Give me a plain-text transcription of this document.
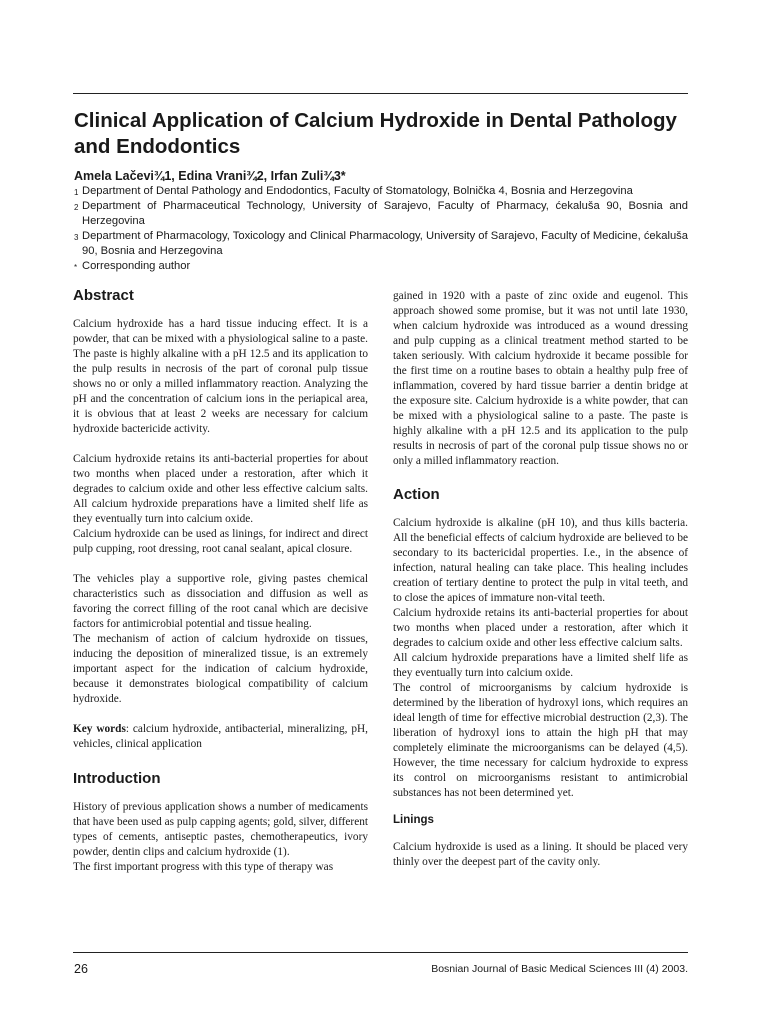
Clinical Application of Calcium Hydroxide in Dental Pathology and Endodontics
Amela Lačevi¾1, Edina Vrani¾2, Irfan Zuli¾3*
1 Department of Dental Pathology and Endodontics, Faculty of Stomatology, Bolnička 4, Bosnia and Herzegovina
2 Department of Pharmaceutical Technology, University of Sarajevo, Faculty of Pharmacy, ćekaluša 90, Bosnia and Herzegovina
3 Department of Pharmacology, Toxicology and Clinical Pharmacology, University of Sarajevo, Faculty of Medicine, ćekaluša 90, Bosnia and Herzegovina
* Corresponding author
Abstract

Calcium hydroxide has a hard tissue inducing effect. It is a powder, that can be mixed with a physiological saline to a paste. The paste is highly alkaline with a pH 12.5 and its application to the pulp results in necrosis of the part of coronal pulp tissue shows no or only a milled inflammatory reaction. Analyzing the pH and the concentration of calcium ions in the periapical area, it is obvious that at least 2 weeks are necessary for calcium hydroxide bactericide activity.

Calcium hydroxide retains its anti-bacterial properties for about two months when placed under a restoration, after which it degrades to calcium oxide and other less effective calcium salts. All calcium hydroxide preparations have a limited shelf life as they eventually turn into calcium oxide.

Calcium hydroxide can be used as linings, for indirect and direct pulp cupping, root dressing, root canal sealant, apical closure.

The vehicles play a supportive role, giving pastes chemical characteristics such as dissociation and diffusion as well as favoring the correct filling of the root canal which are decisive factors for antimicrobial potential and tissue healing.

The mechanism of action of calcium hydroxide on tissues, inducing the deposition of mineralized tissue, is an extremely important aspect for the indication of calcium hydroxide, because it demonstrates biological compatibility of calcium hydroxide.

Key words: calcium hydroxide, antibacterial, mineralizing, pH, vehicles, clinical application

Introduction

History of previous application shows a number of medicaments that have been used as pulp capping agents; gold, silver, different types of cements, antiseptic pastes, chemotherapeutics, ivory powder, dentin clips and calcium hydroxide (1).

The first important progress with this type of therapy was

gained in 1920 with a paste of zinc oxide and eugenol. This approach showed some promise, but it was not until late 1930, when calcium hydroxide was introduced as a wound dressing and pulp cupping as a clinical treatment method started to be taken seriously. With calcium hydroxide it became possible for the first time on a routine bases to obtain a healthy pulp free of inflammation, covered by hard tissue barrier a dentin bridge at the exposure site. Calcium hydroxide is a white powder, that can be mixed with a physiological saline to a paste. The paste is highly alkaline with a pH 12.5 and its application to the pulp results in necrosis of part of the coronal pulp tissue shows no or only a milled inflammatory reaction.

Action

Calcium hydroxide is alkaline (pH 10), and thus kills bacteria. All the beneficial effects of calcium hydroxide are believed to be secondary to its bactericidal properties. I.e., in the absence of infection, natural healing can take place. This healing includes creation of tertiary dentine to protect the pulp in vital teeth, and to close the apices of immature non-vital teeth.

Calcium hydroxide retains its anti-bacterial properties for about two months when placed under a restoration, after which it degrades to calcium oxide and other less effective calcium salts.

All calcium hydroxide preparations have a limited shelf life as they eventually turn into calcium oxide.

The control of microorganisms by calcium hydroxide is determined by the liberation of hydroxyl ions, which requires an ideal length of time for effective microbial destruction (2,3). The liberation of hydroxyl ions to attain the high pH that may completely eliminate the microorganisms can be delayed (4,5). However, the time necessary for calcium hydroxide to express its control on microorganisms resistant to antimicrobial substances has not been determined yet.

Linings

Calcium hydroxide is used as a lining. It should be placed very thinly over the deepest part of the cavity only.

26	Bosnian Journal of Basic Medical Sciences III (4) 2003.
